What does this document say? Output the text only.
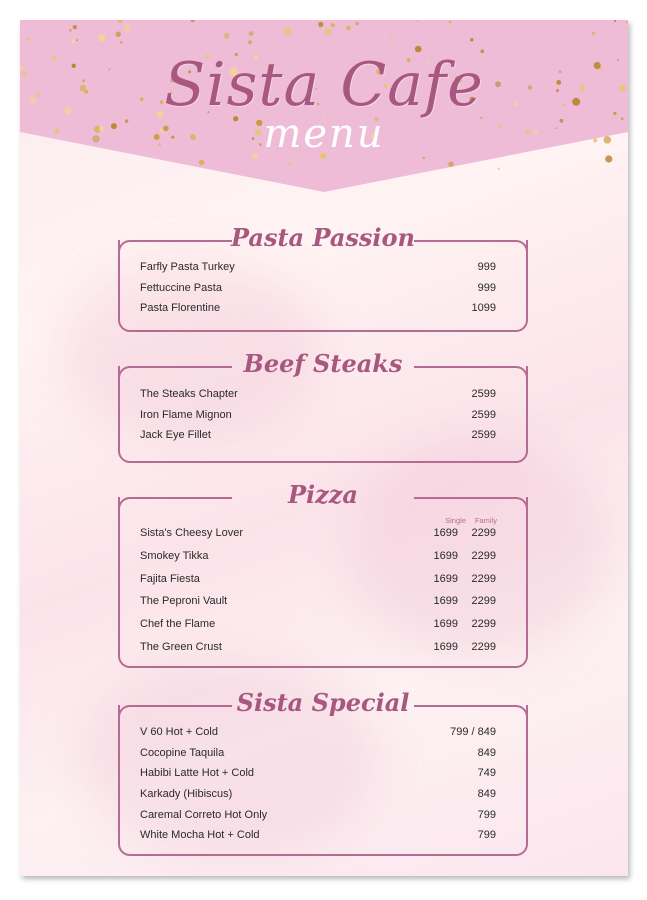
Sista Cafe
menu
Pasta Passion
Farfly Pasta Turkey	999
Fettuccine Pasta	999
Pasta Florentine	1099
Beef Steaks
The Steaks Chapter	2599
Iron Flame Mignon	2599
Jack Eye Fillet	2599
Pizza
Single Family
Sista's Cheesy Lover	1699 2299
Smokey Tikka	1699 2299
Fajita Fiesta	1699 2299
The Peproni Vault	1699 2299
Chef the Flame	1699 2299
The Green Crust	1699 2299
Sista Special
V 60 Hot + Cold	799 / 849
Cocopine Taquila	849
Habibi Latte Hot + Cold	749
Karkady (Hibiscus)	849
Caremal Correto Hot Only	799
White Mocha Hot + Cold	799
